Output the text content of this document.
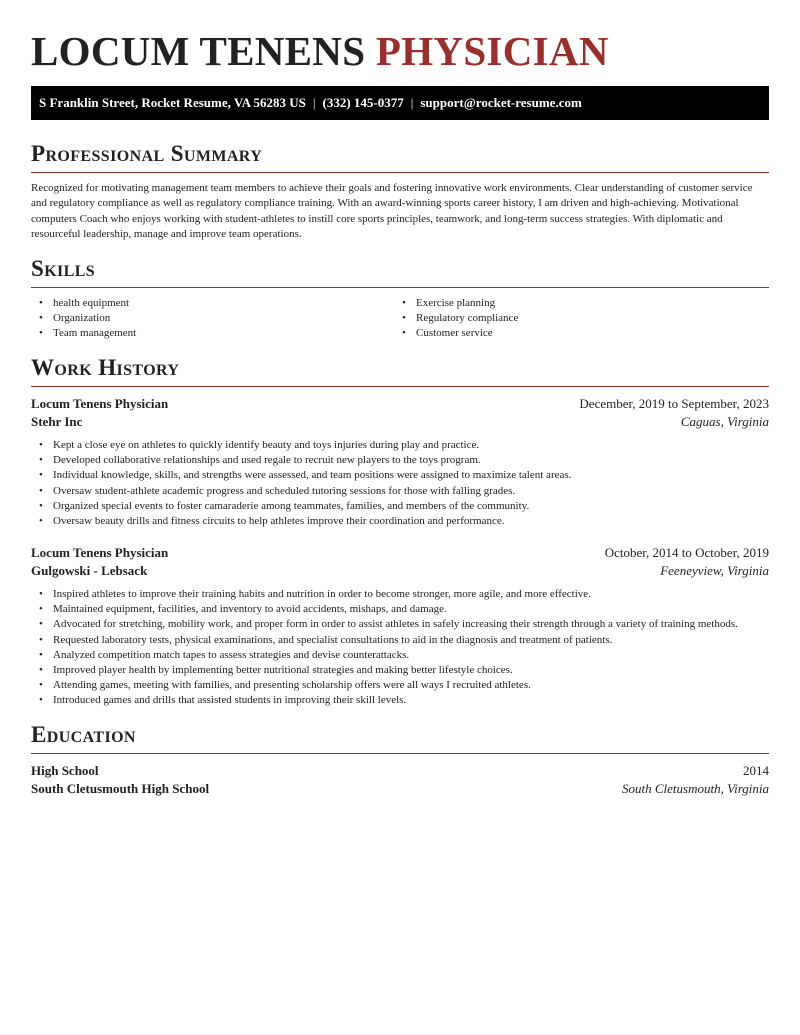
LOCUM TENENS PHYSICIAN
S Franklin Street, Rocket Resume, VA 56283 US | (332) 145-0377 | support@rocket-resume.com
Professional Summary

Recognized for motivating management team members to achieve their goals and fostering innovative work environments. Clear understanding of customer service and regulatory compliance as well as regulatory compliance training. With an award-winning sports career history, I am driven and high-achieving. Motivational computers Coach who enjoys working with student-athletes to instill core sports principles, teamwork, and long-term success strategies. With diplomatic and resourceful leadership, manage and improve team operations.

Skills
• health equipment
• Organization
• Team management
• Exercise planning
• Regulatory compliance
• Customer service
Work History
Locum Tenens Physician	December, 2019 to September, 2023
Stehr Inc	Caguas, Virginia
• Kept a close eye on athletes to quickly identify beauty and toys injuries during play and practice.
• Developed collaborative relationships and used regale to recruit new players to the toys program.
• Individual knowledge, skills, and strengths were assessed, and team positions were assigned to maximize talent areas.
• Oversaw student-athlete academic progress and scheduled tutoring sessions for those with falling grades.
• Organized special events to foster camaraderie among teammates, families, and members of the community.
• Oversaw beauty drills and fitness circuits to help athletes improve their coordination and performance.
Locum Tenens Physician	October, 2014 to October, 2019
Gulgowski - Lebsack	Feeneyview, Virginia
• Inspired athletes to improve their training habits and nutrition in order to become stronger, more agile, and more effective.
• Maintained equipment, facilities, and inventory to avoid accidents, mishaps, and damage.
• Advocated for stretching, mobility work, and proper form in order to assist athletes in safely increasing their strength through a variety of training methods.
• Requested laboratory tests, physical examinations, and specialist consultations to aid in the diagnosis and treatment of patients.
• Analyzed competition match tapes to assess strategies and devise counterattacks.
• Improved player health by implementing better nutritional strategies and making better lifestyle choices.
• Attending games, meeting with families, and presenting scholarship offers were all ways I recruited athletes.
• Introduced games and drills that assisted students in improving their skill levels.
Education
High School	2014
South Cletusmouth High School	South Cletusmouth, Virginia
